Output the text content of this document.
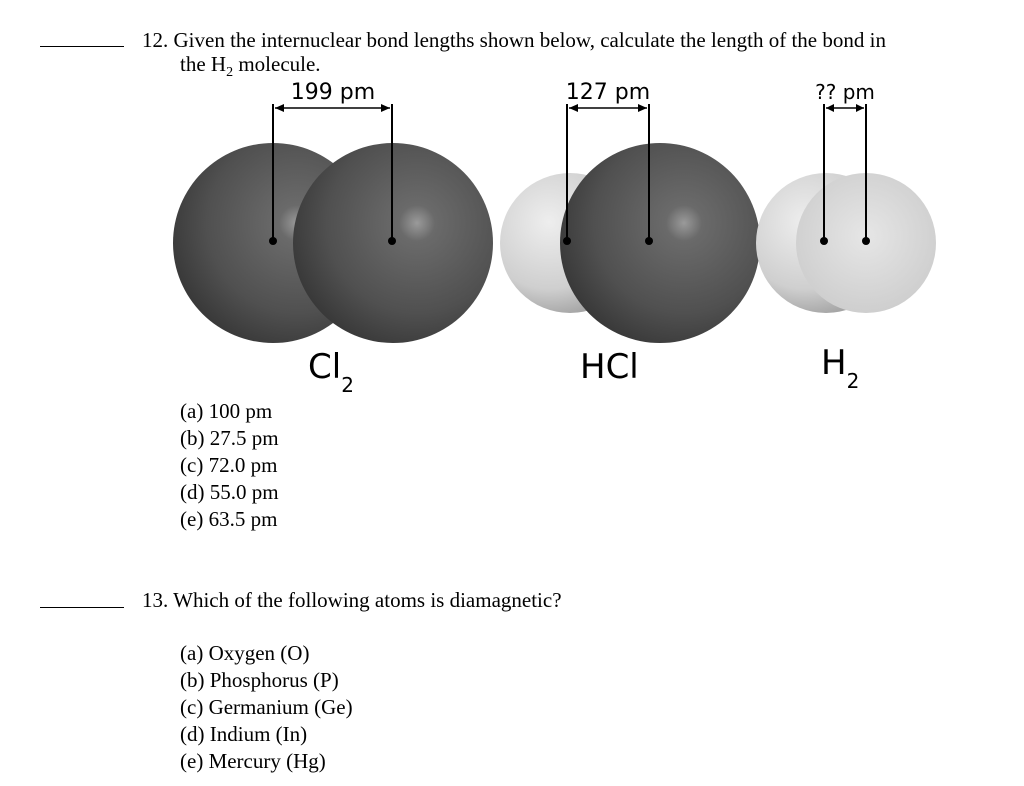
12. Given the internuclear bond lengths shown below, calculate the length of the bond in
the $H_2$ molecule.
199 pm	127 pm	?? pm
$Cl_2$	HCl	$H_2$
(a) 100 pm
(b) 27.5 pm
(c) 72.0 pm
(d) 55.0 pm
(e) 63.5 pm
13. Which of the following atoms is diamagnetic?
(a) Oxygen (O)
(b) Phosphorus (P)
(c) Germanium (Ge)
(d) Indium (In)
(e) Mercury (Hg)
